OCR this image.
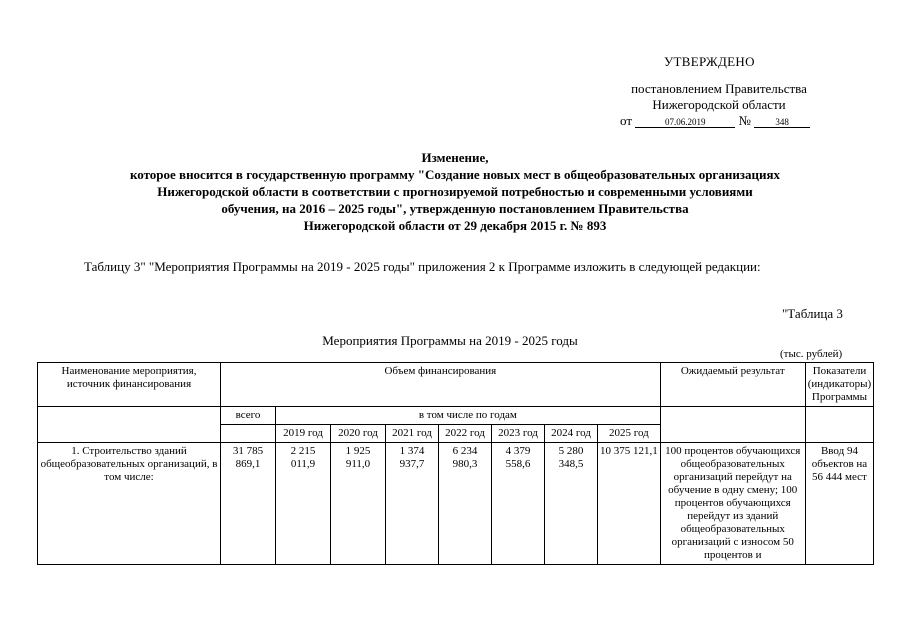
УТВЕРЖДЕНО
постановлением Правительства
Нижегородской области
от	07.06.2019	№	348
Изменение,
которое вносится в государственную программу "Создание новых мест в общеобразовательных организациях
Нижегородской области в соответствии с прогнозируемой потребностью и современными условиями
обучения, на 2016 – 2025 годы", утвержденную постановлением Правительства
Нижегородской области от 29 декабря 2015 г. № 893
Таблицу 3" "Мероприятия Программы на 2019 - 2025 годы" приложения 2 к Программе изложить в следующей редакции:
"Таблица 3
Мероприятия Программы на 2019 - 2025 годы
(тыс. рублей)
Наименование мероприятия, источник финансирования	Объем финансирования								Ожидаемый результат	Показатели (индикаторы) Программы
	всего	в том числе по годам								
		2019 год	2020 год	2021 год	2022 год	2023 год	2024 год	2025 год		
1. Строительство зданий общеобразовательных организаций, в том числе:	31 785 869,1	2 215 011,9	1 925 911,0	1 374 937,7	6 234 980,3	4 379 558,6	5 280 348,5	10 375 121,1	100 процентов обучающихся общеобразовательных организаций перейдут на обучение в одну смену; 100 процентов обучающихся перейдут из зданий общеобразовательных организаций с износом 50 процентов и	Ввод 94 объектов на 56 444 мест
